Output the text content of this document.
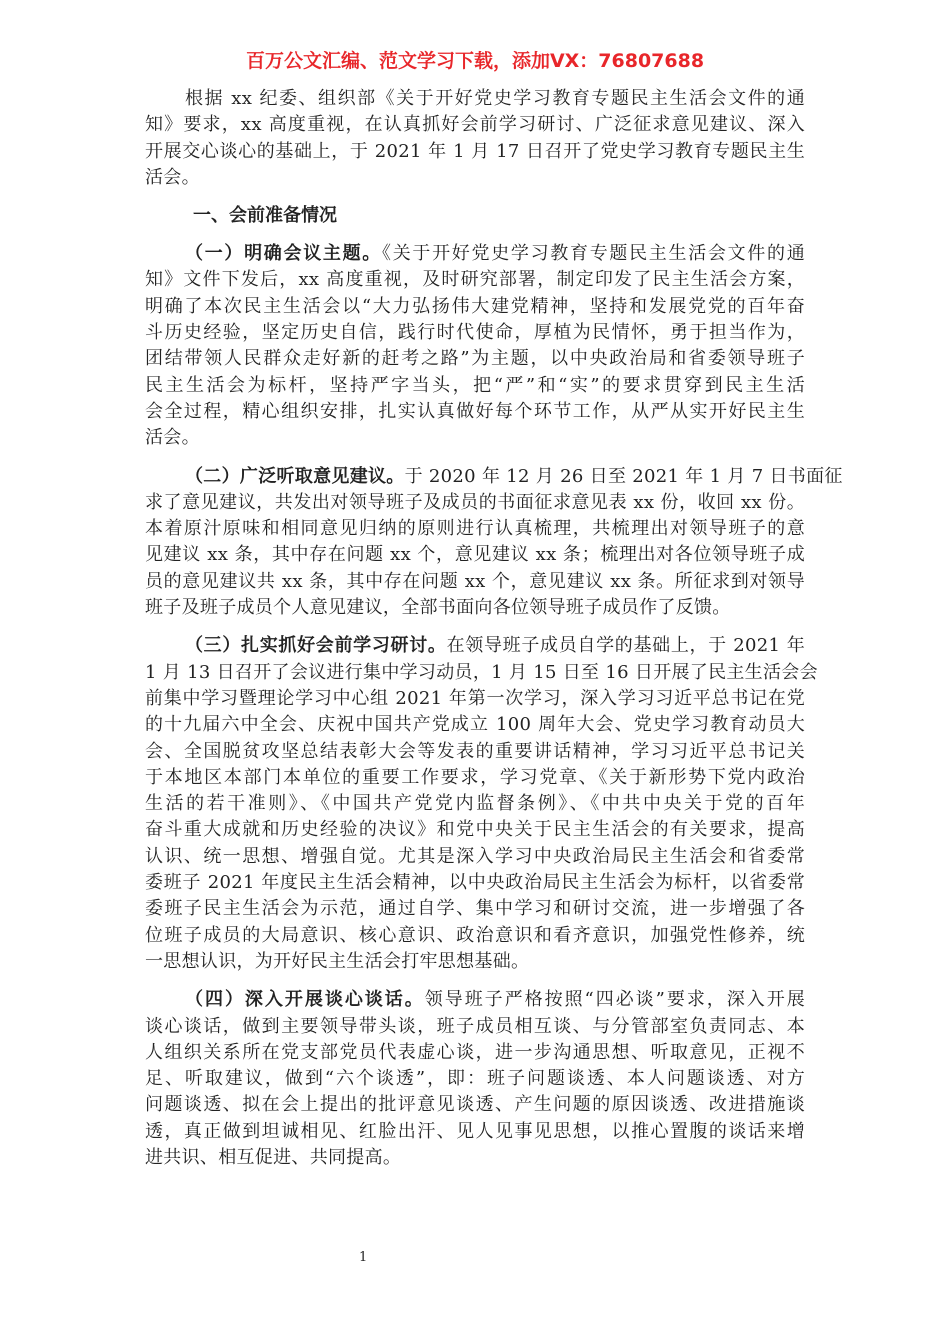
百万公文汇编、范文学习下载，添加VX：76807688
根据 xx 纪委、组织部《关于开好党史学习教育专题民主生活会文件的通
知》要求，xx 高度重视，在认真抓好会前学习研讨、广泛征求意见建议、深入
开展交心谈心的基础上，于 2021 年 1 月 17 日召开了党史学习教育专题民主生
活会。
一、会前准备情况
（一）明确会议主题。《关于开好党史学习教育专题民主生活会文件的通
知》文件下发后，xx 高度重视，及时研究部署，制定印发了民主生活会方案，
明确了本次民主生活会以“大力弘扬伟大建党精神，坚持和发展党党的百年奋
斗历史经验，坚定历史自信，践行时代使命，厚植为民情怀，勇于担当作为，
团结带领人民群众走好新的赶考之路”为主题，以中央政治局和省委领导班子
民主生活会为标杆，坚持严字当头，把“严”和“实”的要求贯穿到民主生活
会全过程，精心组织安排，扎实认真做好每个环节工作，从严从实开好民主生
活会。
（二）广泛听取意见建议。于 2020 年 12 月 26 日至 2021 年 1 月 7 日书面征
求了意见建议，共发出对领导班子及成员的书面征求意见表 xx 份，收回 xx 份。
本着原汁原味和相同意见归纳的原则进行认真梳理，共梳理出对领导班子的意
见建议 xx 条，其中存在问题 xx 个，意见建议 xx 条；梳理出对各位领导班子成
员的意见建议共 xx 条，其中存在问题 xx 个，意见建议 xx 条。所征求到对领导
班子及班子成员个人意见建议，全部书面向各位领导班子成员作了反馈。
（三）扎实抓好会前学习研讨。在领导班子成员自学的基础上，于 2021 年
1 月 13 日召开了会议进行集中学习动员，1 月 15 日至 16 日开展了民主生活会会
前集中学习暨理论学习中心组 2021 年第一次学习，深入学习习近平总书记在党
的十九届六中全会、庆祝中国共产党成立 100 周年大会、党史学习教育动员大
会、全国脱贫攻坚总结表彰大会等发表的重要讲话精神，学习习近平总书记关
于本地区本部门本单位的重要工作要求，学习党章、《关于新形势下党内政治
生活的若干准则》、《中国共产党党内监督条例》、《中共中央关于党的百年
奋斗重大成就和历史经验的决议》和党中央关于民主生活会的有关要求，提高
认识、统一思想、增强自觉。尤其是深入学习中央政治局民主生活会和省委常
委班子 2021 年度民主生活会精神，以中央政治局民主生活会为标杆，以省委常
委班子民主生活会为示范，通过自学、集中学习和研讨交流，进一步增强了各
位班子成员的大局意识、核心意识、政治意识和看齐意识，加强党性修养，统
一思想认识，为开好民主生活会打牢思想基础。
（四）深入开展谈心谈话。领导班子严格按照“四必谈”要求，深入开展
谈心谈话，做到主要领导带头谈，班子成员相互谈、与分管部室负责同志、本
人组织关系所在党支部党员代表虚心谈，进一步沟通思想、听取意见，正视不
足、听取建议，做到“六个谈透”，即：班子问题谈透、本人问题谈透、对方
问题谈透、拟在会上提出的批评意见谈透、产生问题的原因谈透、改进措施谈
透，真正做到坦诚相见、红脸出汗、见人见事见思想，以推心置腹的谈话来增
进共识、相互促进、共同提高。
1
